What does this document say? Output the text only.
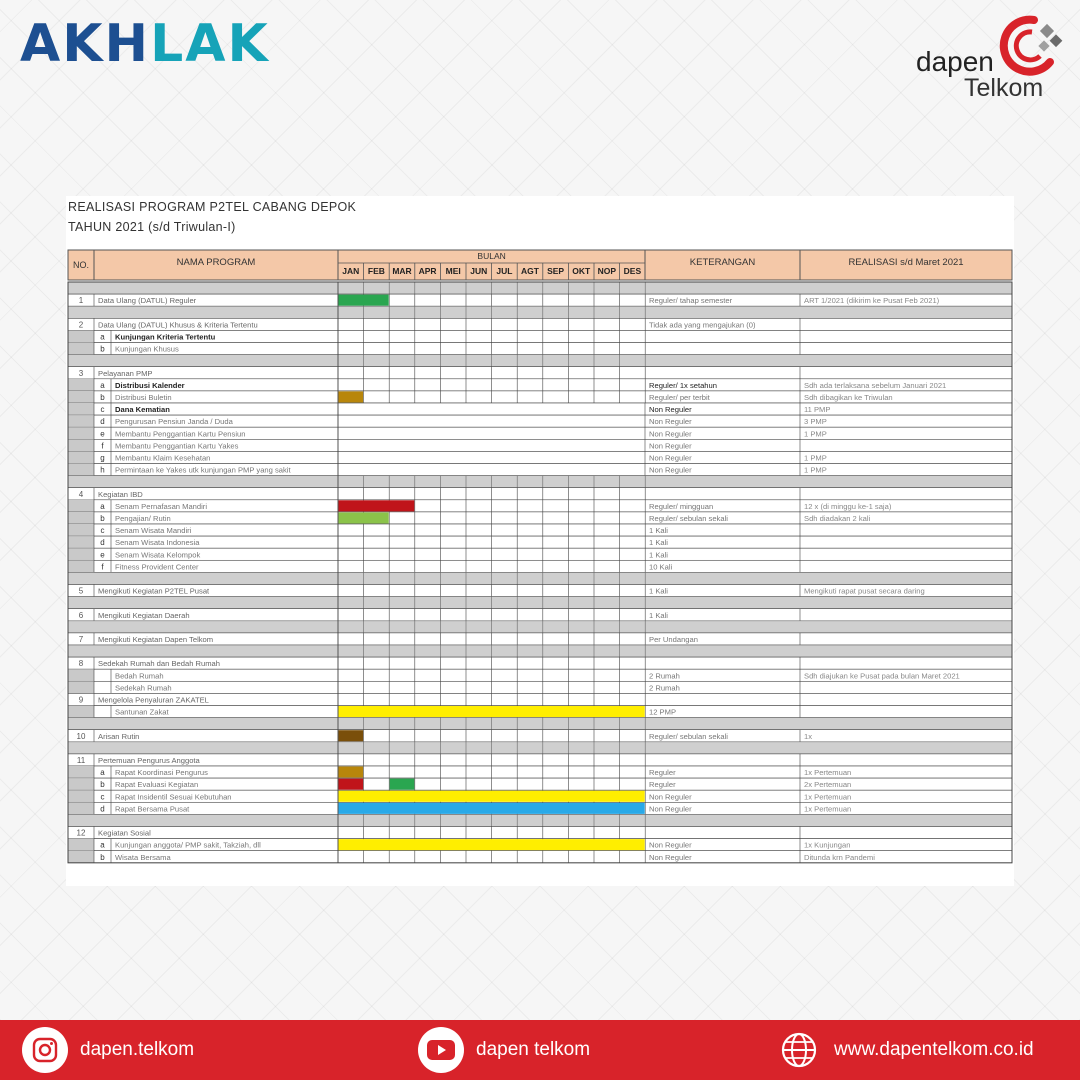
AKHLAK	dapen
Telkom
REALISASI PROGRAM P2TEL CABANG DEPOK
TAHUN 2021 (s/d Triwulan-I)
NO.	NAMA PROGRAM
BULAN
JAN FEB MAR APR MEI JUN JUL AGT SEP OKT NOP DES
KETERANGAN	REALISASI s/d Maret 2021
1 Data Ulang (DATUL) Reguler	Reguler/ tahap semester	ART 1/2021 (dikirim ke Pusat Feb 2021)
2 Data Ulang (DATUL) Khusus & Kriteria Tertentu	Tidak ada yang mengajukan (0)
a Kunjungan Kriteria Tertentu
b Kunjungan Khusus
3 Pelayanan PMP
a Distribusi Kalender	Reguler/ 1x setahun	Sdh ada terlaksana sebelum Januari 2021
b Distribusi Buletin	Reguler/ per terbit	Sdh dibagikan ke Triwulan
c Dana Kematian	Non Reguler	11 PMP
d Pengurusan Pensiun Janda / Duda	Non Reguler	3 PMP
e Membantu Penggantian Kartu Pensiun	Non Reguler	1 PMP
f Membantu Penggantian Kartu Yakes	Non Reguler
g Membantu Klaim Kesehatan	Non Reguler	1 PMP
h Permintaan ke Yakes utk kunjungan PMP yang sakit	Non Reguler	1 PMP
4 Kegiatan IBD
a Senam Pernafasan Mandiri	Reguler/ mingguan	12 x (di minggu ke-1 saja)
b Pengajian/ Rutin	Reguler/ sebulan sekali	Sdh diadakan 2 kali
c Senam Wisata Mandiri	1 Kali
d Senam Wisata Indonesia	1 Kali
e Senam Wisata Kelompok	1 Kali
f Fitness Provident Center	10 Kali
5 Mengikuti Kegiatan P2TEL Pusat	1 Kali	Mengikuti rapat pusat secara daring
6 Mengikuti Kegiatan Daerah	1 Kali
7 Mengikuti Kegiatan Dapen Telkom	Per Undangan
8 Sedekah Rumah dan Bedah Rumah
Bedah Rumah	2 Rumah	Sdh diajukan ke Pusat pada bulan Maret 2021
Sedekah Rumah	2 Rumah
9 Mengelola Penyaluran ZAKATEL
Santunan Zakat	12 PMP
10 Arisan Rutin	Reguler/ sebulan sekali	1x
11 Pertemuan Pengurus Anggota
a Rapat Koordinasi Pengurus	Reguler	1x Pertemuan
b Rapat Evaluasi Kegiatan	Reguler	2x Pertemuan
c Rapat Insidentil Sesuai Kebutuhan	Non Reguler	1x Pertemuan
d Rapat Bersama Pusat	Non Reguler	1x Pertemuan
12 Kegiatan Sosial
a Kunjungan anggota/ PMP sakit, Takziah, dll	Non Reguler	1x Kunjungan
b Wisata Bersama	Non Reguler	Ditunda krn Pandemi
dapen.telkom	dapen telkom	www.dapentelkom.co.id
